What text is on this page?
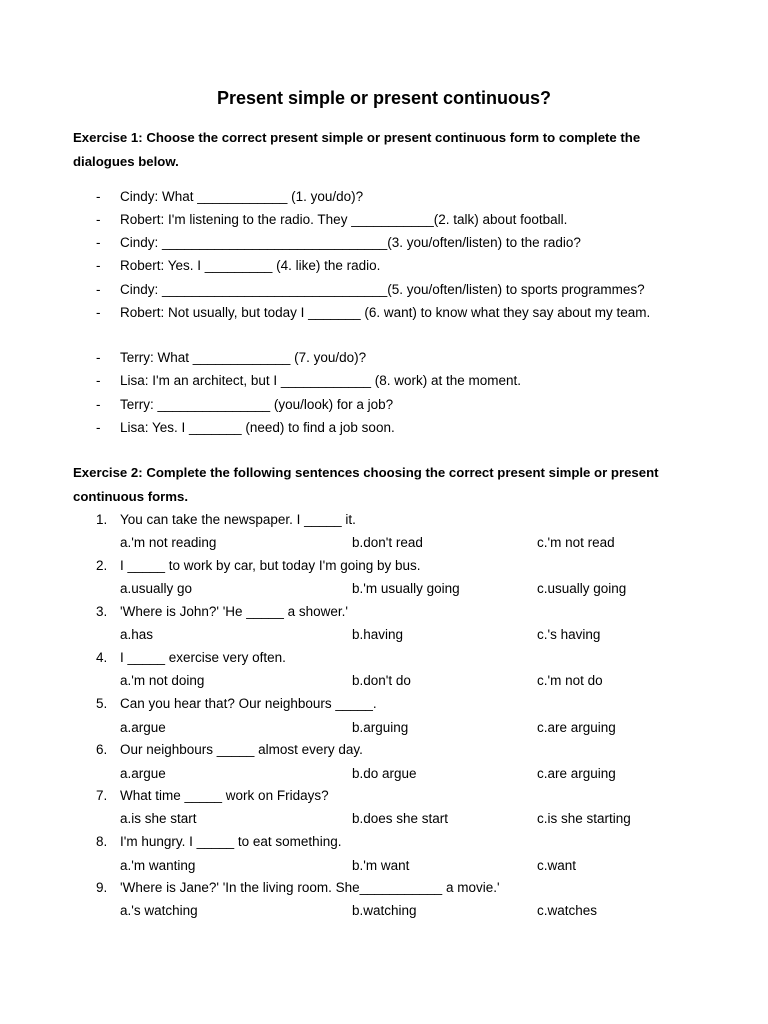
Present simple or present continuous?
Exercise 1: Choose the correct present simple or present continuous form to complete the dialogues below.
- Cindy: What ____________ (1. you/do)?
- Robert: I'm listening to the radio. They ___________(2. talk) about football.
- Cindy: ______________________________(3. you/often/listen) to the radio?
- Robert: Yes. I _________ (4. like) the radio.
- Cindy: ______________________________(5. you/often/listen) to sports programmes?
- Robert: Not usually, but today I _______ (6. want) to know what they say about my team.
- Terry: What _____________ (7. you/do)?
- Lisa: I'm an architect, but I ____________ (8. work) at the moment.
- Terry: _______________ (you/look) for a job?
- Lisa: Yes. I _______ (need) to find a job soon.
Exercise 2: Complete the following sentences choosing the correct present simple or present continuous forms.
1. You can take the newspaper. I _____ it.
a.'m not reading	b.don't read	c.'m not read
2. I _____ to work by car, but today I'm going by bus.
a.usually go	b.'m usually going	c.usually going
3. 'Where is John?' 'He _____ a shower.'
a.has	b.having	c.'s having
4. I _____ exercise very often.
a.'m not doing	b.don't do	c.'m not do
5. Can you hear that? Our neighbours _____.
a.argue	b.arguing	c.are arguing
6. Our neighbours _____ almost every day.
a.argue	b.do argue	c.are arguing
7. What time _____ work on Fridays?
a.is she start	b.does she start	c.is she starting
8. I'm hungry. I _____ to eat something.
a.'m wanting	b.'m want	c.want
9. 'Where is Jane?' 'In the living room. She___________ a movie.'
a.'s watching	b.watching	c.watches
